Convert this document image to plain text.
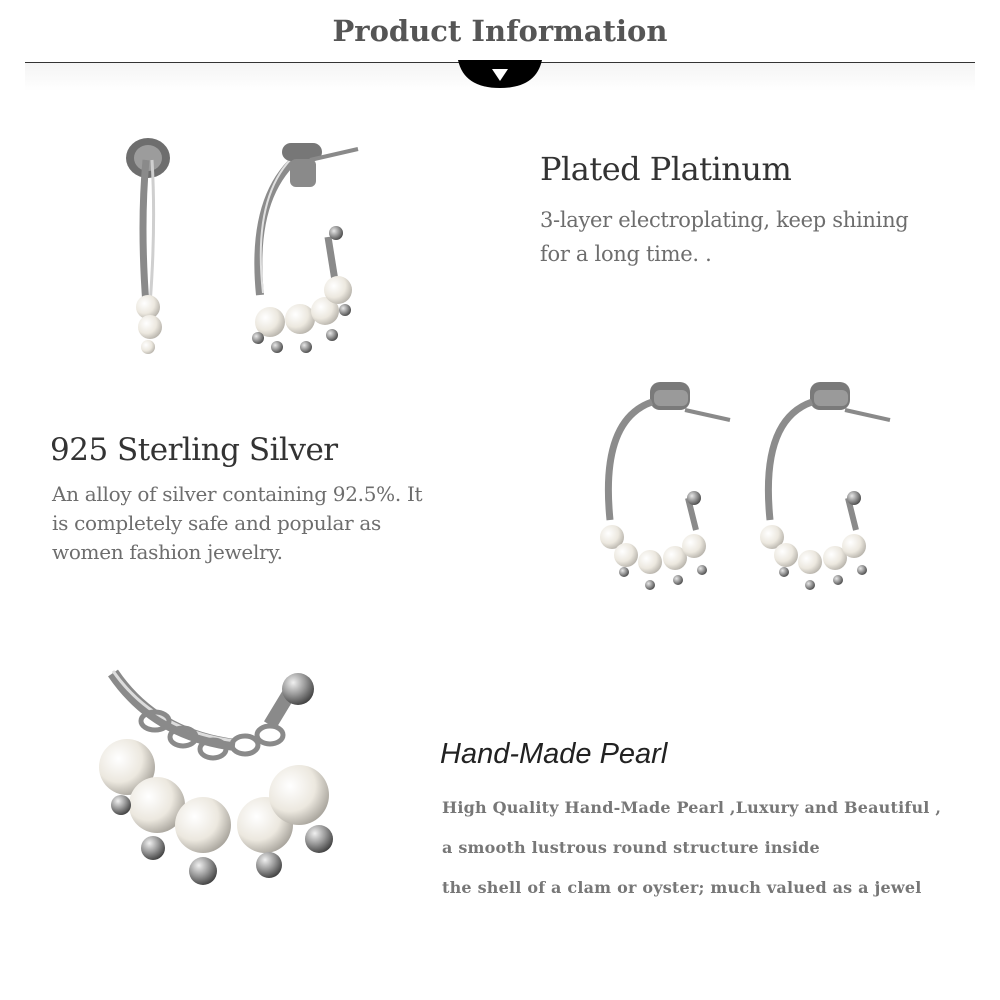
Product Information
Plated Platinum
3-layer electroplating, keep shining
for a long time. .
925 Sterling Silver
An alloy of silver containing 92.5%. It
is completely safe and popular as
women fashion jewelry.
Hand-Made Pearl
High Quality Hand-Made Pearl ,Luxury and Beautiful ,
a smooth lustrous round structure inside
the shell of a clam or oyster; much valued as a jewel
